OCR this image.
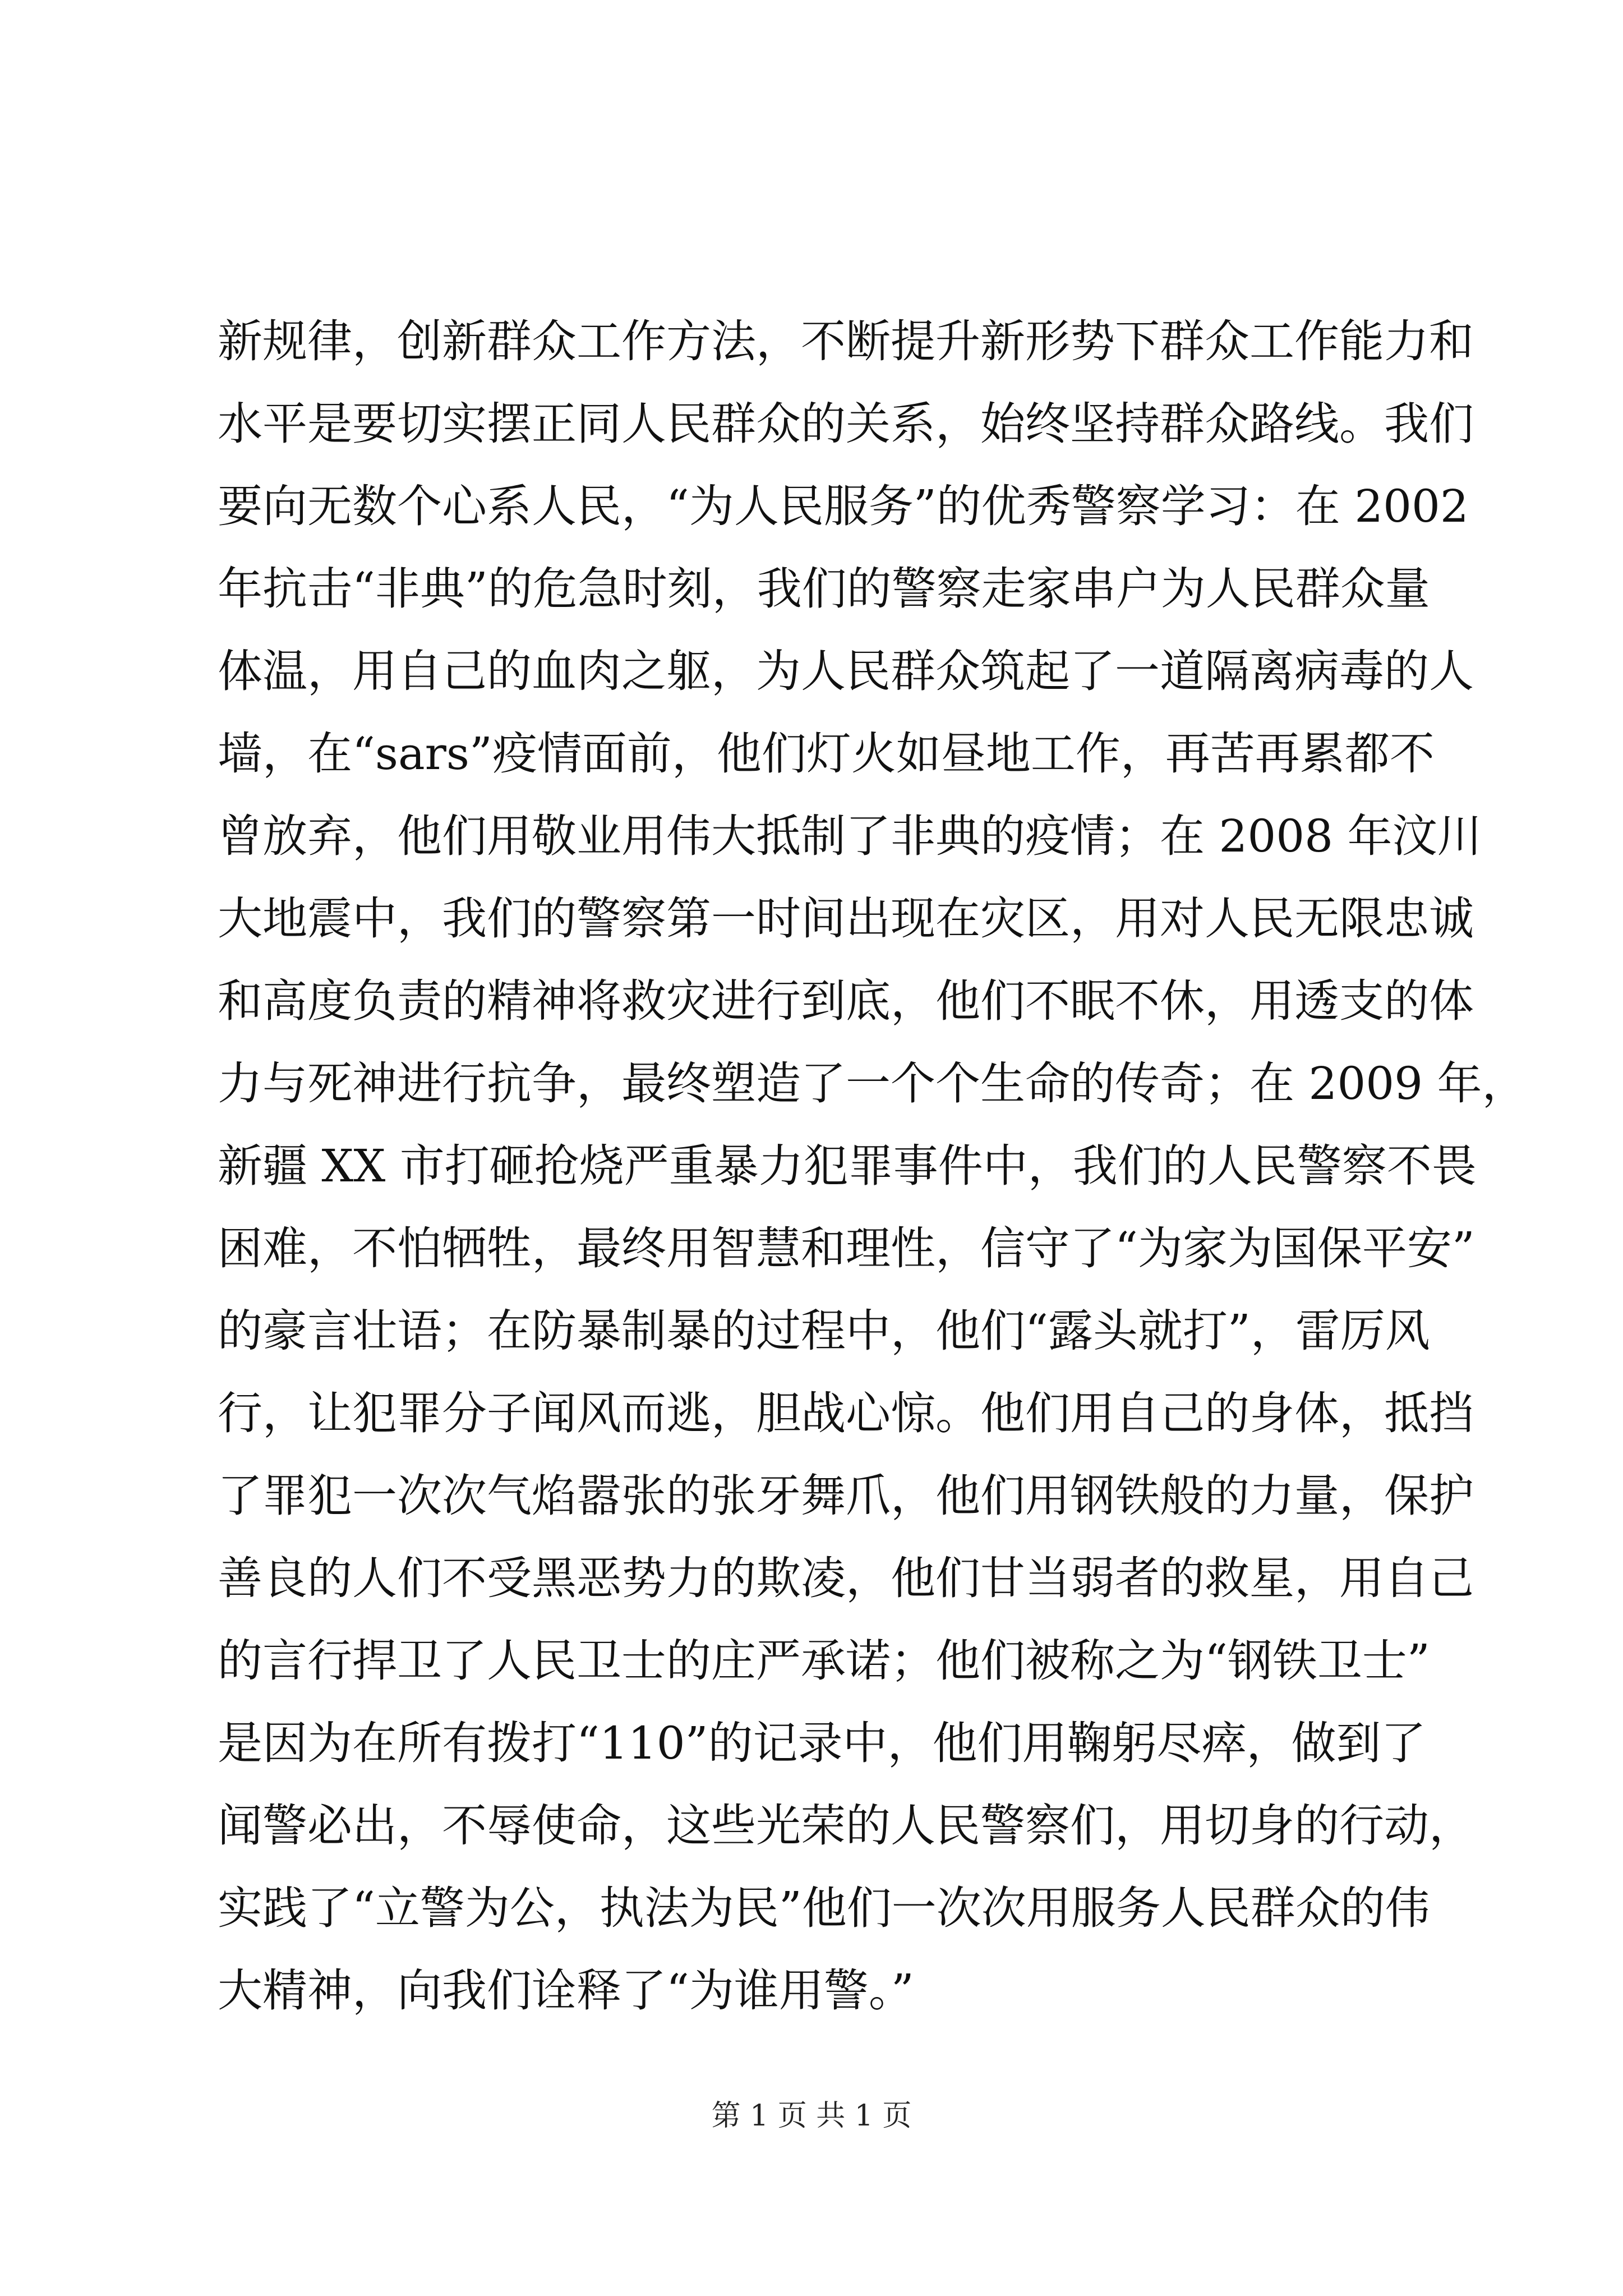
新规律，创新群众工作方法，不断提升新形势下群众工作能力和
水平是要切实摆正同人民群众的关系，始终坚持群众路线。我们
要向无数个心系人民，“为人民服务”的优秀警察学习：在 2002
年抗击“非典”的危急时刻，我们的警察走家串户为人民群众量
体温，用自己的血肉之躯，为人民群众筑起了一道隔离病毒的人
墙，在“sars”疫情面前，他们灯火如昼地工作，再苦再累都不
曾放弃，他们用敬业用伟大抵制了非典的疫情；在 2008 年汶川
大地震中，我们的警察第一时间出现在灾区，用对人民无限忠诚
和高度负责的精神将救灾进行到底，他们不眠不休，用透支的体
力与死神进行抗争，最终塑造了一个个生命的传奇；在 2009 年，
新疆 XX 市打砸抢烧严重暴力犯罪事件中，我们的人民警察不畏
困难，不怕牺牲，最终用智慧和理性，信守了“为家为国保平安”
的豪言壮语；在防暴制暴的过程中，他们“露头就打”，雷厉风
行，让犯罪分子闻风而逃，胆战心惊。他们用自己的身体，抵挡
了罪犯一次次气焰嚣张的张牙舞爪，他们用钢铁般的力量，保护
善良的人们不受黑恶势力的欺凌，他们甘当弱者的救星，用自己
的言行捍卫了人民卫士的庄严承诺；他们被称之为“钢铁卫士”
是因为在所有拨打“110”的记录中，他们用鞠躬尽瘁，做到了
闻警必出，不辱使命，这些光荣的人民警察们，用切身的行动，
实践了“立警为公，执法为民”他们一次次用服务人民群众的伟
大精神，向我们诠释了“为谁用警。”
第 1 页 共 1 页
